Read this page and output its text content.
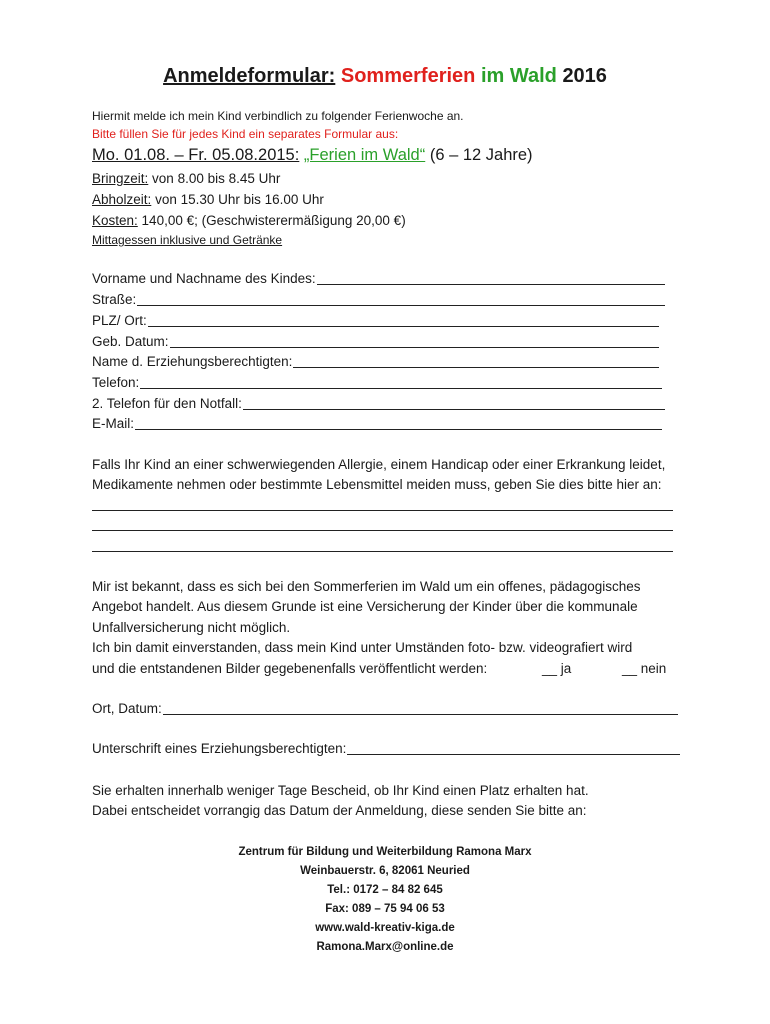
Anmeldeformular: Sommerferien im Wald 2016
Hiermit melde ich mein Kind verbindlich zu folgender Ferienwoche an.
Bitte füllen Sie für jedes Kind ein separates Formular aus:
Mo. 01.08. – Fr. 05.08.2015: „Ferien im Wald“ (6 – 12 Jahre)
Bringzeit: von 8.00 bis 8.45 Uhr
Abholzeit: von 15.30 Uhr bis 16.00 Uhr
Kosten: 140,00 €; (Geschwisterermäßigung 20,00 €)
Mittagessen inklusive und Getränke
Vorname und Nachname des Kindes:
Straße:
PLZ/ Ort:
Geb. Datum:
Name d. Erziehungsberechtigten:
Telefon:
2. Telefon für den Notfall:
E-Mail:
Falls Ihr Kind an einer schwerwiegenden Allergie, einem Handicap oder einer Erkrankung leidet,
Medikamente nehmen oder bestimmte Lebensmittel meiden muss, geben Sie dies bitte hier an:
Mir ist bekannt, dass es sich bei den Sommerferien im Wald um ein offenes, pädagogisches
Angebot handelt. Aus diesem Grunde ist eine Versicherung der Kinder über die kommunale
Unfallversicherung nicht möglich.
Ich bin damit einverstanden, dass mein Kind unter Umständen foto- bzw. videografiert wird
und die entstandenen Bilder gegebenenfalls veröffentlicht werden:	__ ja	__ nein
Ort, Datum:
Unterschrift eines Erziehungsberechtigten:
Sie erhalten innerhalb weniger Tage Bescheid, ob Ihr Kind einen Platz erhalten hat.
Dabei entscheidet vorrangig das Datum der Anmeldung, diese senden Sie bitte an:
Zentrum für Bildung und Weiterbildung Ramona Marx
Weinbauerstr. 6, 82061 Neuried
Tel.: 0172 – 84 82 645
Fax: 089 – 75 94 06 53
www.wald-kreativ-kiga.de
Ramona.Marx@online.de
